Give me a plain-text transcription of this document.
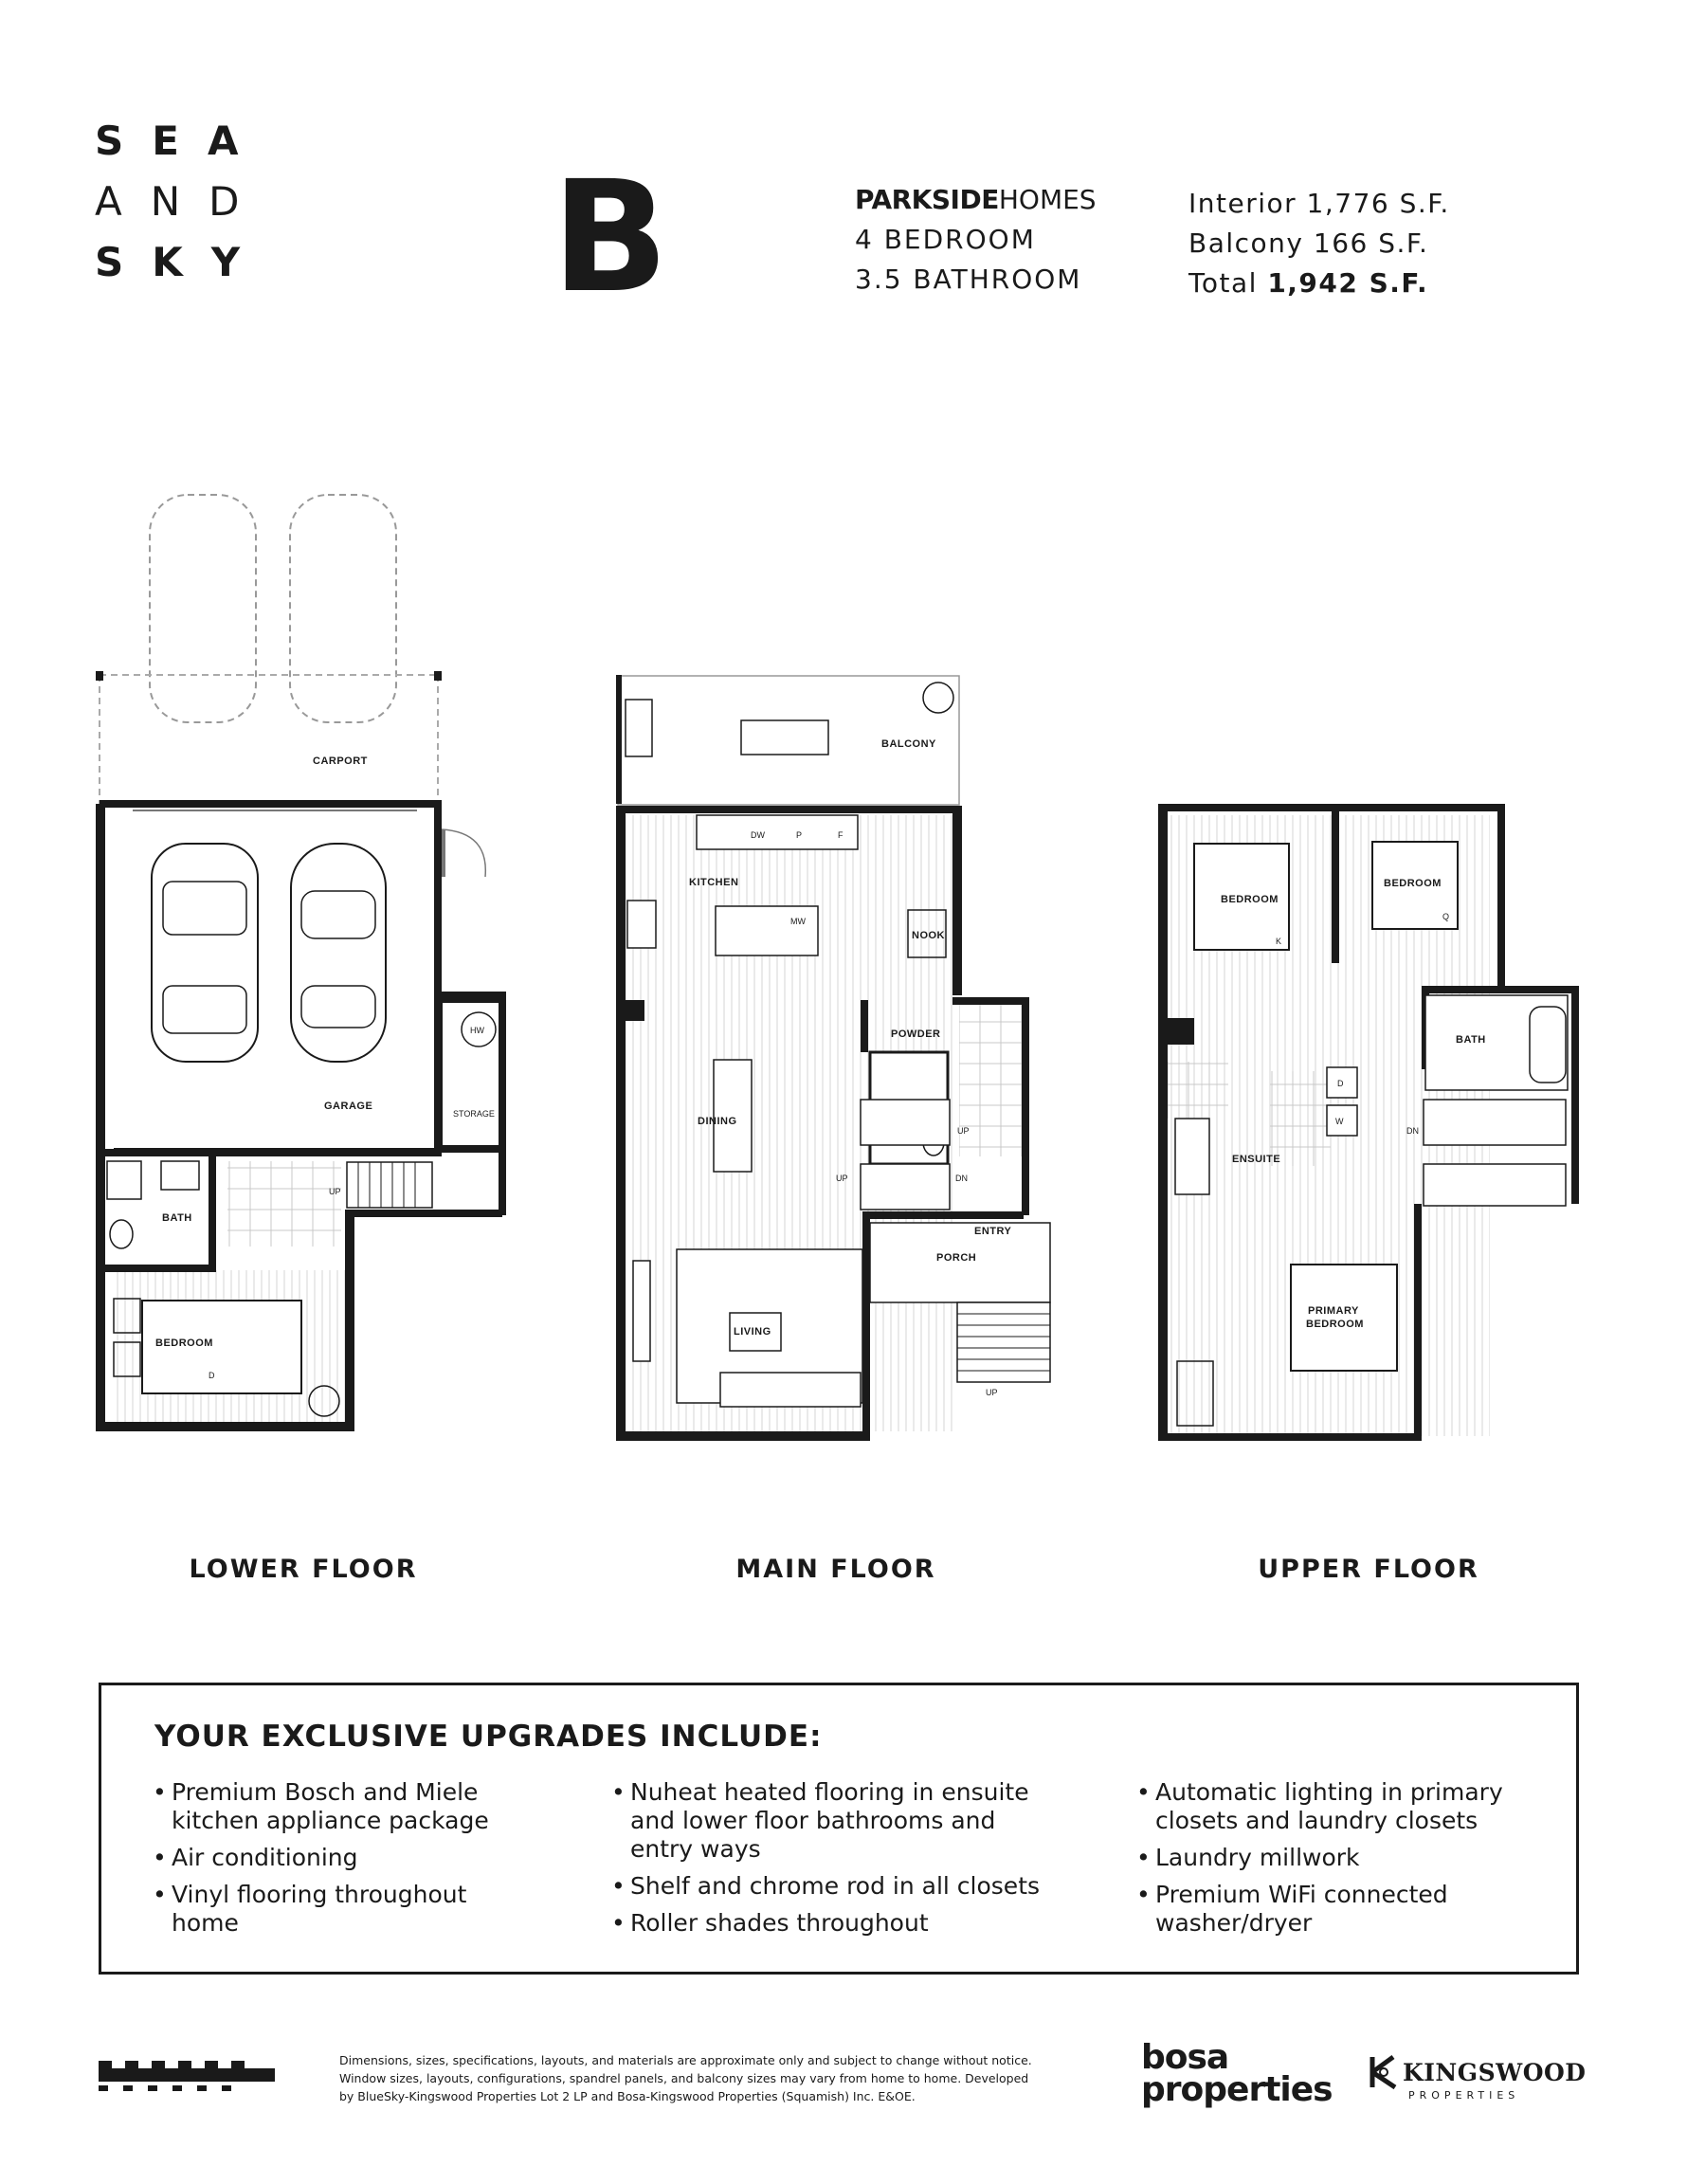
SEA
AND
SKY B	PARKSIDEHOMES
4 BEDROOM
3.5 BATHROOM
Interior 1,776 S.F.
Balcony 166 S.F.
Total 1,942 S.F.
CARPORT
HW
GARAGE
STORAGE
BATH
UP
BEDROOM
D
BALCONY
DW	P	F
KITCHEN
MW
NOOK
POWDER
DINING
UP
UP	DN
ENTRY
PORCH
UP
LIVING
BEDROOM
K
BEDROOM
Q
BATH
D
W
ENSUITE
DN
PRIMARY
BEDROOM
LOWER FLOOR	MAIN FLOOR	UPPER FLOOR
YOUR EXCLUSIVE UPGRADES INCLUDE:
• Premium Bosch and Miele kitchen appliance package
• Air conditioning
• Vinyl flooring throughout home
• Nuheat heated flooring in ensuite and lower floor bathrooms and entry ways
• Shelf and chrome rod in all closets
• Roller shades throughout
• Automatic lighting in primary closets and laundry closets
• Laundry millwork
• Premium WiFi connected washer/dryer
Dimensions, sizes, specifications, layouts, and materials are approximate only and subject to change without notice.
Window sizes, layouts, configurations, spandrel panels, and balcony sizes may vary from home to home. Developed
by BlueSky-Kingswood Properties Lot 2 LP and Bosa-Kingswood Properties (Squamish) Inc. E&OE.
bosa
properties	KINGSWOOD
PROPERTIES
